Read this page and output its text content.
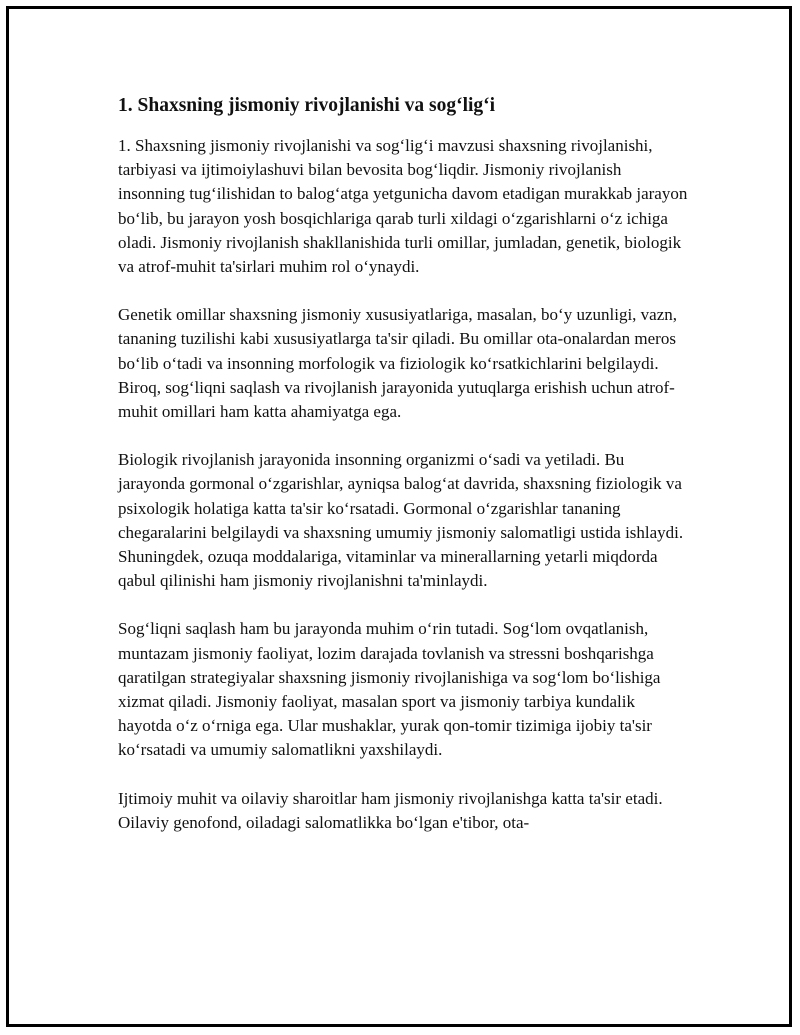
1. Shaxsning jismoniy rivojlanishi va sog‘lig‘i

1. Shaxsning jismoniy rivojlanishi va sog‘lig‘i mavzusi shaxsning rivojlanishi, tarbiyasi va ijtimoiylashuvi bilan bevosita bog‘liqdir. Jismoniy rivojlanish insonning tug‘ilishidan to balog‘atga yetgunicha davom etadigan murakkab jarayon bo‘lib, bu jarayon yosh bosqichlariga qarab turli xildagi o‘zgarishlarni o‘z ichiga oladi. Jismoniy rivojlanish shakllanishida turli omillar, jumladan, genetik, biologik va atrof-muhit ta'sirlari muhim rol o‘ynaydi.

Genetik omillar shaxsning jismoniy xususiyatlariga, masalan, bo‘y uzunligi, vazn, tananing tuzilishi kabi xususiyatlarga ta'sir qiladi. Bu omillar ota-onalardan meros bo‘lib o‘tadi va insonning morfologik va fiziologik ko‘rsatkichlarini belgilaydi. Biroq, sog‘liqni saqlash va rivojlanish jarayonida yutuqlarga erishish uchun atrof-muhit omillari ham katta ahamiyatga ega.

Biologik rivojlanish jarayonida insonning organizmi o‘sadi va yetiladi. Bu jarayonda gormonal o‘zgarishlar, ayniqsa balog‘at davrida, shaxsning fiziologik va psixologik holatiga katta ta'sir ko‘rsatadi. Gormonal o‘zgarishlar tananing chegaralarini belgilaydi va shaxsning umumiy jismoniy salomatligi ustida ishlaydi. Shuningdek, ozuqa moddalariga, vitaminlar va minerallarning yetarli miqdorda qabul qilinishi ham jismoniy rivojlanishni ta'minlaydi.

Sog‘liqni saqlash ham bu jarayonda muhim o‘rin tutadi. Sog‘lom ovqatlanish, muntazam jismoniy faoliyat, lozim darajada tovlanish va stressni boshqarishga qaratilgan strategiyalar shaxsning jismoniy rivojlanishiga va sog‘lom bo‘lishiga xizmat qiladi. Jismoniy faoliyat, masalan sport va jismoniy tarbiya kundalik hayotda o‘z o‘rniga ega. Ular mushaklar, yurak qon-tomir tizimiga ijobiy ta'sir ko‘rsatadi va umumiy salomatlikni yaxshilaydi.

Ijtimoiy muhit va oilaviy sharoitlar ham jismoniy rivojlanishga katta ta'sir etadi. Oilaviy genofond, oiladagi salomatlikka bo‘lgan e'tibor, ota-
